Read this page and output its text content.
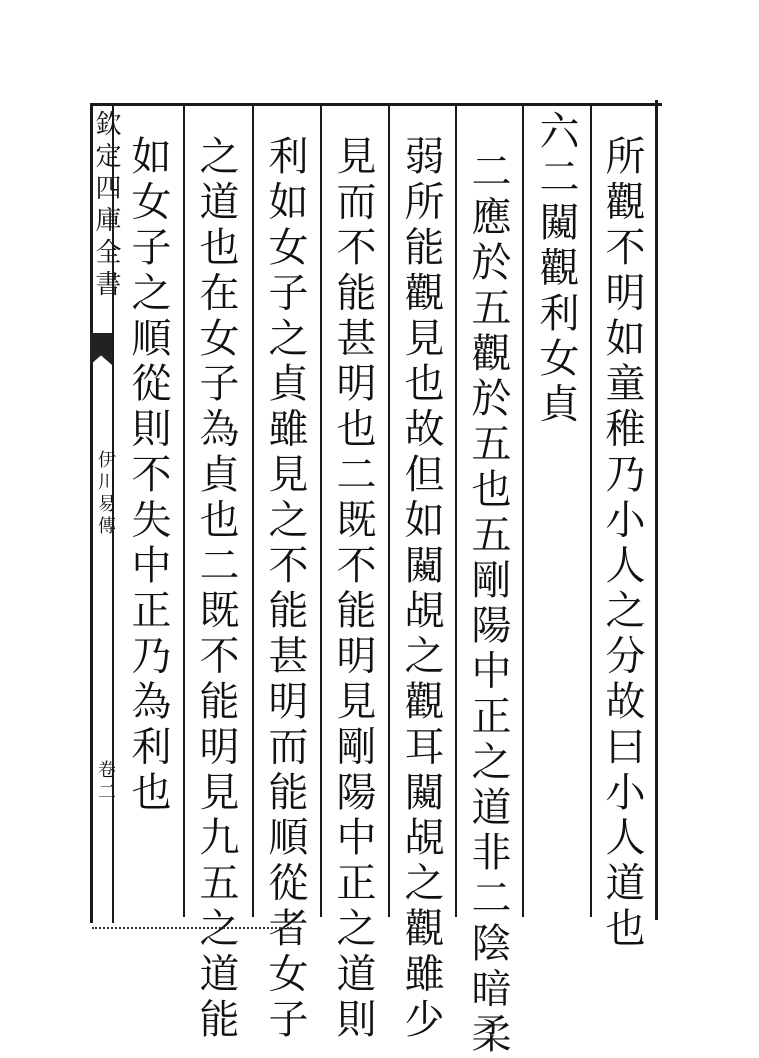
欽定四庫全書
伊川易傳
卷二	所觀不明如童稚乃小人之分故曰小人道也
六二闚觀利女貞
二應於五觀於五也五剛陽中正之道非二陰暗柔
弱所能觀見也故但如闚覘之觀耳闚覘之觀雖少
見而不能甚明也二既不能明見剛陽中正之道則
利如女子之貞雖見之不能甚明而能順從者女子
之道也在女子為貞也二既不能明見九五之道能
如女子之順從則不失中正乃為利也
